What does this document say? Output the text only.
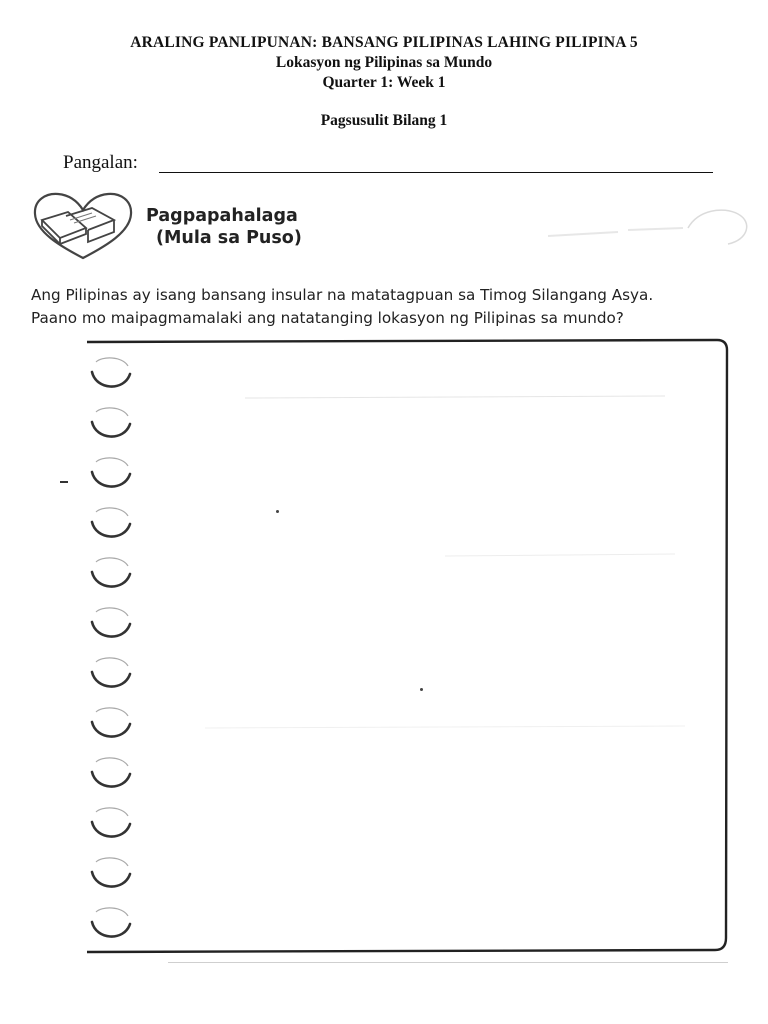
ARALING PANLIPUNAN: BANSANG PILIPINAS LAHING PILIPINA 5
Lokasyon ng Pilipinas sa Mundo
Quarter 1: Week 1
Pagsusulit Bilang 1
Pangalan:
Pagpapahalaga
(Mula sa Puso)
Ang Pilipinas ay isang bansang insular na matatagpuan sa Timog Silangang Asya.
Paano mo maipagmamalaki ang natatanging lokasyon ng Pilipinas sa mundo?
